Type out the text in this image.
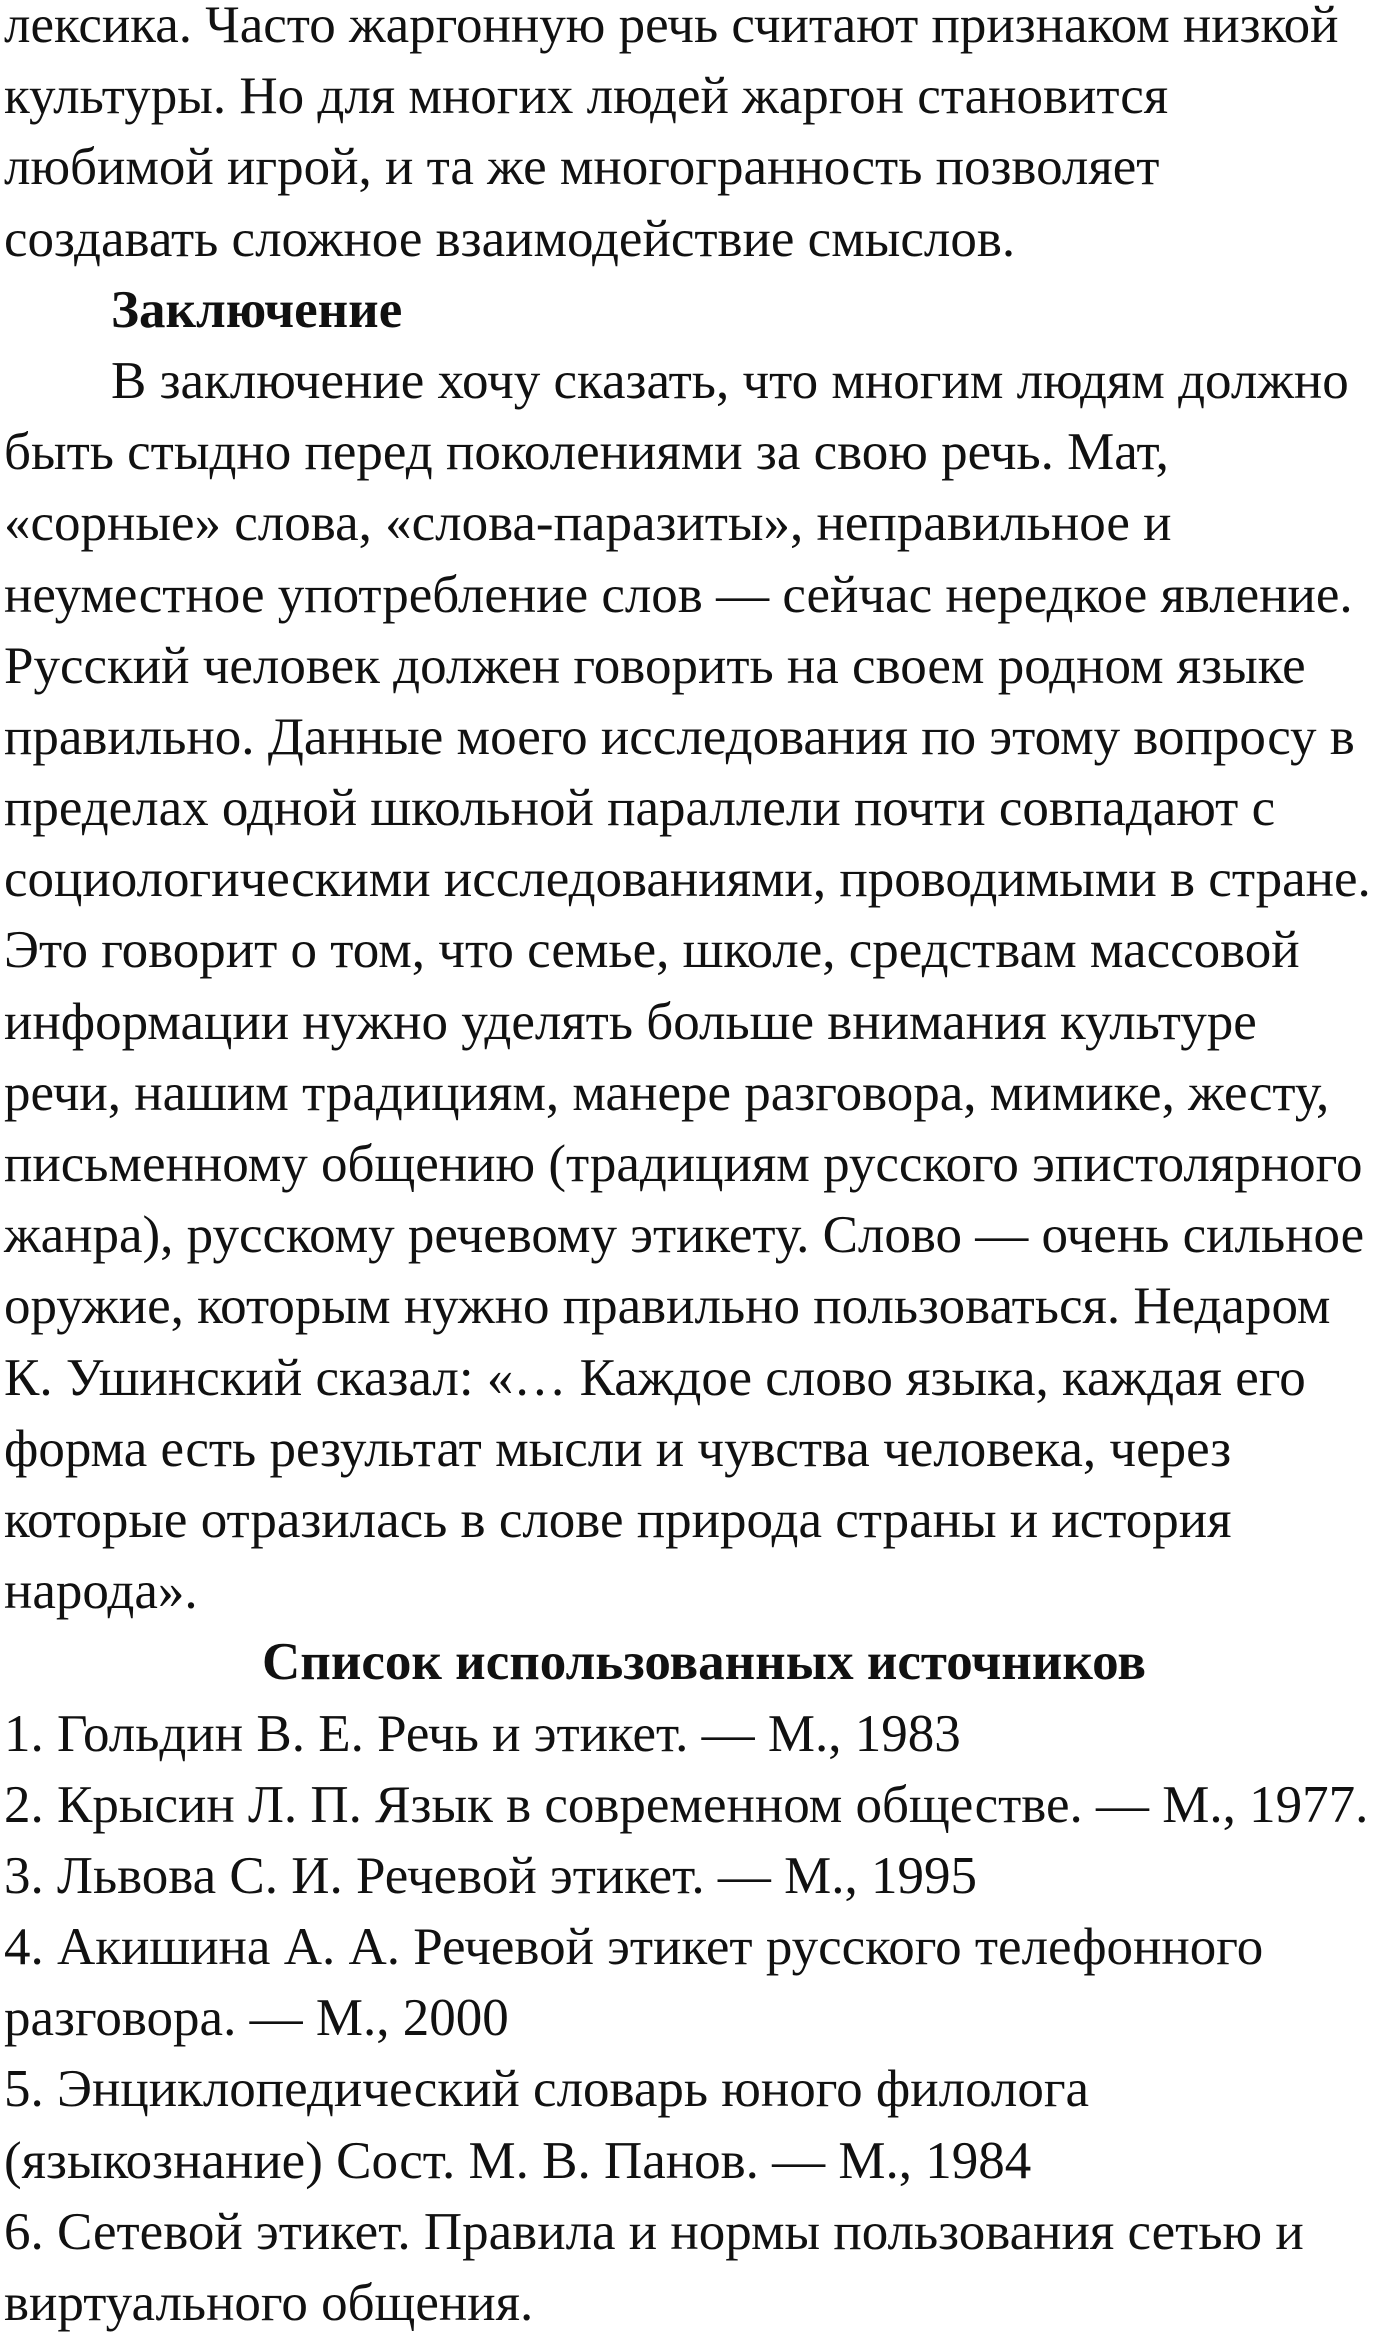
лексика. Часто жаргонную речь считают признаком низкой
культуры. Но для многих людей жаргон становится
любимой игрой, и та же многогранность позволяет
создавать сложное взаимодействие смыслов.
Заключение
В заключение хочу сказать, что многим людям должно
быть стыдно перед поколениями за свою речь. Мат,
«сорные» слова, «слова-паразиты», неправильное и
неуместное употребление слов — сейчас нередкое явление.
Русский человек должен говорить на своем родном языке
правильно. Данные моего исследования по этому вопросу в
пределах одной школьной параллели почти совпадают с
социологическими исследованиями, проводимыми в стране.
Это говорит о том, что семье, школе, средствам массовой
информации нужно уделять больше внимания культуре
речи, нашим традициям, манере разговора, мимике, жесту,
письменному общению (традициям русского эпистолярного
жанра), русскому речевому этикету. Слово — очень сильное
оружие, которым нужно правильно пользоваться. Недаром
К. Ушинский сказал: «… Каждое слово языка, каждая его
форма есть результат мысли и чувства человека, через
которые отразилась в слове природа страны и история
народа».
Список использованных источников
1. Гольдин В. Е. Речь и этикет. — М., 1983
2. Крысин Л. П. Язык в современном обществе. — М., 1977.
3. Львова С. И. Речевой этикет. — М., 1995
4. Акишина А. А. Речевой этикет русского телефонного
разговора. — М., 2000
5. Энциклопедический словарь юного филолога
(языкознание) Сост. М. В. Панов. — М., 1984
6. Сетевой этикет. Правила и нормы пользования сетью и
виртуального общения.
